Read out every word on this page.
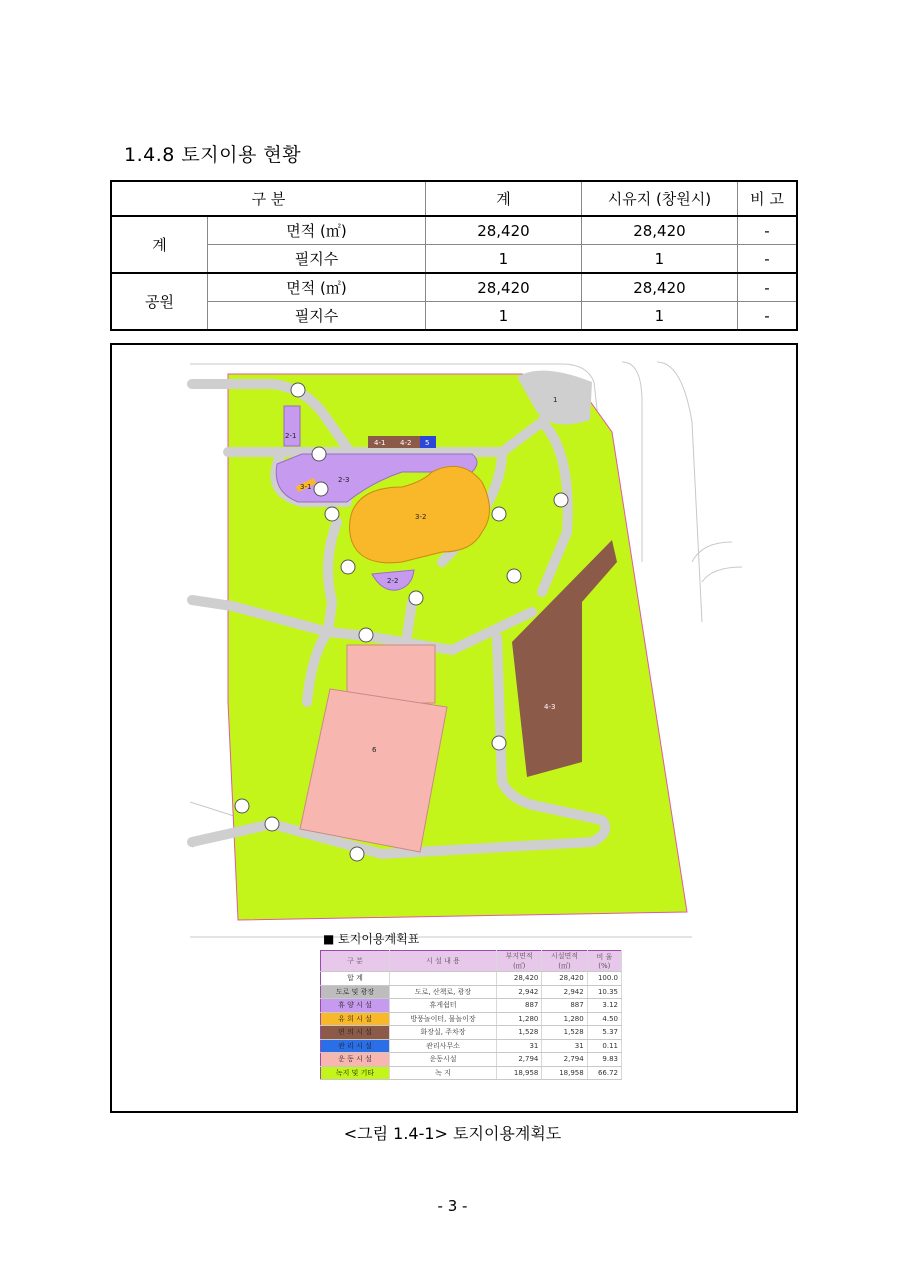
1.4.8 토지이용 현황
구 분		계	시유지 (창원시)	비 고
계	면적 (㎡)	28,420	28,420	-
	필지수	1	1	-
공원	면적 (㎡)	28,420	28,420	-
	필지수	1	1	-
1
2-1
2-2
2-3
3-1
3-2
4-1 4-2 5
4-3
6
■ 토지이용계획표
구 분	시 설 내 용	부지면적(㎡)	시설면적(㎡)	비 율(%)
합 계		28,420	28,420	100.0
도로 및 광장	도로, 산책로, 광장	2,942	2,942	10.35
휴 양 시 설	휴게쉼터	887	887	3.12
유 희 시 설	방풍놀이터, 물놀이장	1,280	1,280	4.50
편 의 시 설	화장실, 주차장	1,528	1,528	5.37
관 리 시 설	관리사무소	31	31	0.11
운 동 시 설	운동시설	2,794	2,794	9.83
녹지 및 기타	녹 지	18,958	18,958	66.72
<그림 1.4-1> 토지이용계획도
- 3 -
